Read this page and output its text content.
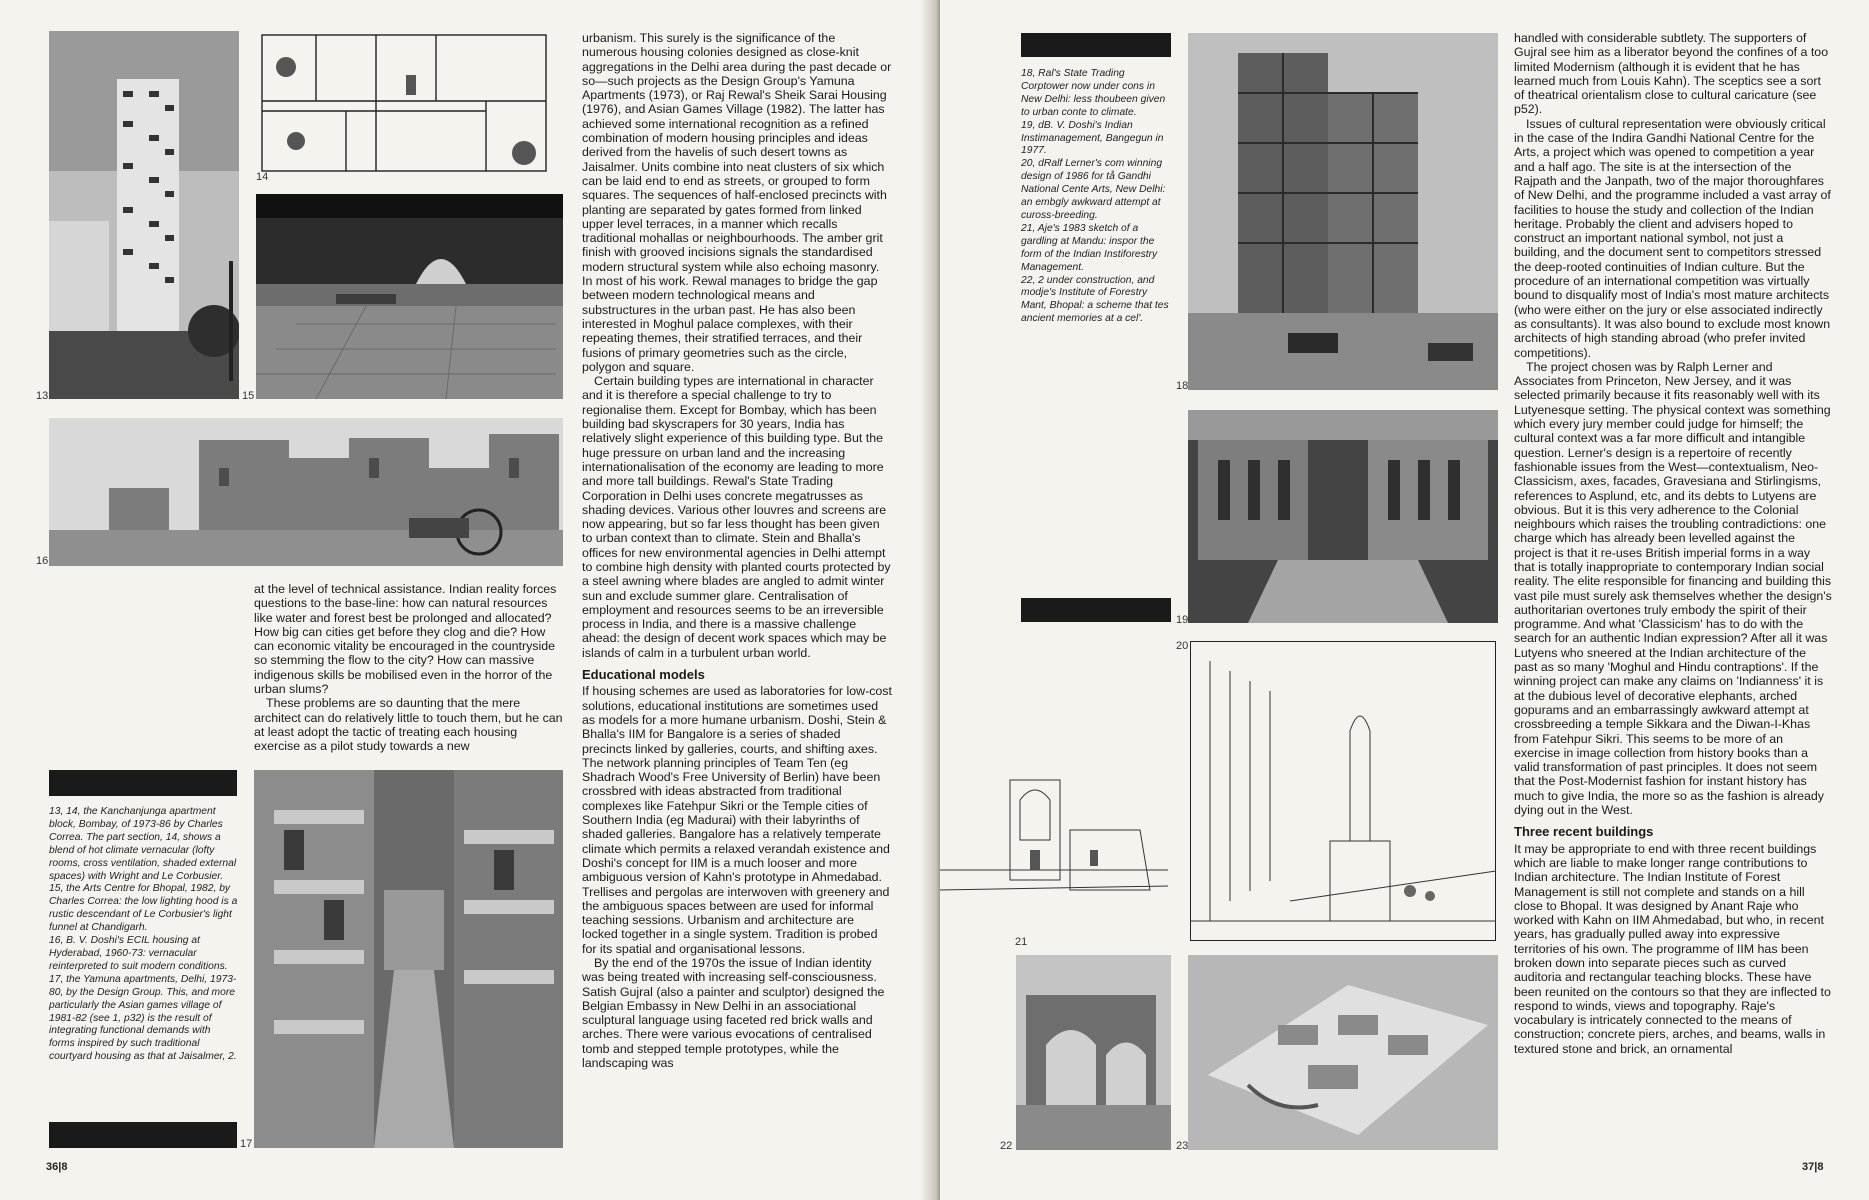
13
14
15
16

at the level of technical assistance. Indian reality forces questions to the base-line: how can natural resources like water and forest best be prolonged and allocated? How big can cities get before they clog and die? How can economic vitality be encouraged in the countryside so stemming the flow to the city? How can massive indigenous skills be mobilised even in the horror of the urban slums?

These problems are so daunting that the mere architect can do relatively little to touch them, but he can at least adopt the tactic of treating each housing exercise as a pilot study towards a new

13, 14, the Kanchanjunga apartment block, Bombay, of 1973-86 by Charles Correa. The part section, 14, shows a blend of hot climate vernacular (lofty rooms, cross ventilation, shaded external spaces) with Wright and Le Corbusier.

15, the Arts Centre for Bhopal, 1982, by Charles Correa: the low lighting hood is a rustic descendant of Le Corbusier's light funnel at Chandigarh.

16, B. V. Doshi's ECIL housing at Hyderabad, 1960-73: vernacular reinterpreted to suit modern conditions.

17, the Yamuna apartments, Delhi, 1973-80, by the Design Group. This, and more particularly the Asian games village of 1981-82 (see 1, p32) is the result of integrating functional demands with forms inspired by such traditional courtyard housing as that at Jaisalmer, 2.

17

urbanism. This surely is the significance of the numerous housing colonies designed as close-knit aggregations in the Delhi area during the past decade or so—such projects as the Design Group's Yamuna Apartments (1973), or Raj Rewal's Sheik Sarai Housing (1976), and Asian Games Village (1982). The latter has achieved some international recognition as a refined combination of modern housing principles and ideas derived from the havelis of such desert towns as Jaisalmer. Units combine into neat clusters of six which can be laid end to end as streets, or grouped to form squares. The sequences of half-enclosed precincts with planting are separated by gates formed from linked upper level terraces, in a manner which recalls traditional mohallas or neighbourhoods. The amber grit finish with grooved incisions signals the standardised modern structural system while also echoing masonry. In most of his work. Rewal manages to bridge the gap between modern technological means and substructures in the urban past. He has also been interested in Moghul palace complexes, with their repeating themes, their stratified terraces, and their fusions of primary geometries such as the circle, polygon and square.

Certain building types are international in character and it is therefore a special challenge to try to regionalise them. Except for Bombay, which has been building bad skyscrapers for 30 years, India has relatively slight experience of this building type. But the huge pressure on urban land and the increasing internationalisation of the economy are leading to more and more tall buildings. Rewal's State Trading Corporation in Delhi uses concrete megatrusses as shading devices. Various other louvres and screens are now appearing, but so far less thought has been given to urban context than to climate. Stein and Bhalla's offices for new environmental agencies in Delhi attempt to combine high density with planted courts protected by a steel awning where blades are angled to admit winter sun and exclude summer glare. Centralisation of employment and resources seems to be an irreversible process in India, and there is a massive challenge ahead: the design of decent work spaces which may be islands of calm in a turbulent urban world.

Educational models

If housing schemes are used as laboratories for low-cost solutions, educational institutions are sometimes used as models for a more humane urbanism. Doshi, Stein & Bhalla's IIM for Bangalore is a series of shaded precincts linked by galleries, courts, and shifting axes. The network planning principles of Team Ten (eg Shadrach Wood's Free University of Berlin) have been crossbred with ideas abstracted from traditional complexes like Fatehpur Sikri or the Temple cities of Southern India (eg Madurai) with their labyrinths of shaded galleries. Bangalore has a relatively temperate climate which permits a relaxed verandah existence and Doshi's concept for IIM is a much looser and more ambiguous version of Kahn's prototype in Ahmedabad. Trellises and pergolas are interwoven with greenery and the ambiguous spaces between are used for informal teaching sessions. Urbanism and architecture are locked together in a single system. Tradition is probed for its spatial and organisational lessons.

By the end of the 1970s the issue of Indian identity was being treated with increasing self-consciousness. Satish Gujral (also a painter and sculptor) designed the Belgian Embassy in New Delhi in an associational sculptural language using faceted red brick walls and arches. There were various evocations of centralised tomb and stepped temple prototypes, while the landscaping was

36|8

18, Ral's State Trading Corptower now under cons in New Delhi: less thoubeen given to urban conte to climate.

19, dB. V. Doshi's Indian Instimanagement, Bangegun in 1977.

20, dRalf Lerner's com winning design of 1986 for tå Gandhi National Cente Arts, New Delhi: an embgly awkward attempt at cuross-breeding.

21, Aje's 1983 sketch of a gardling at Mandu: inspor the form of the Indian Instiforestry Management.

22, 2 under construction, and modje's Institute of Forestry Mant, Bhopal: a scheme that tes ancient memories at a cel'.

18
19
20
21
22	23

handled with considerable subtlety. The supporters of Gujral see him as a liberator beyond the confines of a too limited Modernism (although it is evident that he has learned much from Louis Kahn). The sceptics see a sort of theatrical orientalism close to cultural caricature (see p52).

Issues of cultural representation were obviously critical in the case of the Indira Gandhi National Centre for the Arts, a project which was opened to competition a year and a half ago. The site is at the intersection of the Rajpath and the Janpath, two of the major thoroughfares of New Delhi, and the programme included a vast array of facilities to house the study and collection of the Indian heritage. Probably the client and advisers hoped to construct an important national symbol, not just a building, and the document sent to competitors stressed the deep-rooted continuities of Indian culture. But the procedure of an international competition was virtually bound to disqualify most of India's most mature architects (who were either on the jury or else associated indirectly as consultants). It was also bound to exclude most known architects of high standing abroad (who prefer invited competitions).

The project chosen was by Ralph Lerner and Associates from Princeton, New Jersey, and it was selected primarily because it fits reasonably well with its Lutyenesque setting. The physical context was something which every jury member could judge for himself; the cultural context was a far more difficult and intangible question. Lerner's design is a repertoire of recently fashionable issues from the West—contextualism, Neo-Classicism, axes, facades, Gravesiana and Stirlingisms, references to Asplund, etc, and its debts to Lutyens are obvious. But it is this very adherence to the Colonial neighbours which raises the troubling contradictions: one charge which has already been levelled against the project is that it re-uses British imperial forms in a way that is totally inappropriate to contemporary Indian social reality. The elite responsible for financing and building this vast pile must surely ask themselves whether the design's authoritarian overtones truly embody the spirit of their programme. And what 'Classicism' has to do with the search for an authentic Indian expression? After all it was Lutyens who sneered at the Indian architecture of the past as so many 'Moghul and Hindu contraptions'. If the winning project can make any claims on 'Indianness' it is at the dubious level of decorative elephants, arched gopurams and an embarrassingly awkward attempt at crossbreeding a temple Sikkara and the Diwan-I-Khas from Fatehpur Sikri. This seems to be more of an exercise in image collection from history books than a valid transformation of past principles. It does not seem that the Post-Modernist fashion for instant history has much to give India, the more so as the fashion is already dying out in the West.

Three recent buildings

It may be appropriate to end with three recent buildings which are liable to make longer range contributions to Indian architecture. The Indian Institute of Forest Management is still not complete and stands on a hill close to Bhopal. It was designed by Anant Raje who worked with Kahn on IIM Ahmedabad, but who, in recent years, has gradually pulled away into expressive territories of his own. The programme of IIM has been broken down into separate pieces such as curved auditoria and rectangular teaching blocks. These have been reunited on the contours so that they are inflected to respond to winds, views and topography. Raje's vocabulary is intricately connected to the means of construction; concrete piers, arches, and beams, walls in textured stone and brick, an ornamental

37|8
